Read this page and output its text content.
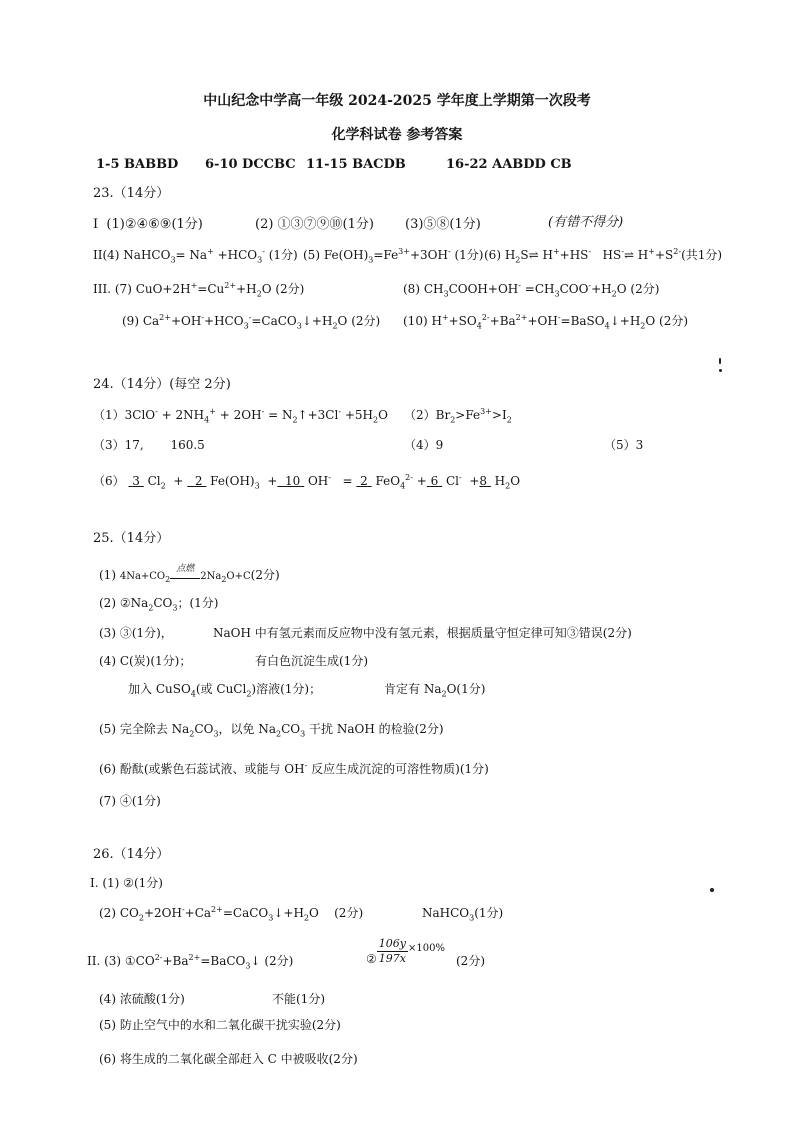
中山纪念中学高一年级 2024-2025 学年度上学期第一次段考
化学科试卷 参考答案
1-5 BABBD 6-10 DCCBC 11-15 BACDB	16-22 AABDD CB
23.（14分）
I (1)②④⑥⑨(1分)	(2) ①③⑦⑨⑩(1分) (3)⑤⑧(1分)	(有错不得分)
II(4) NaHCO$_3$= $Na^+ +HCO_3^-$ (1分) (5) $Fe(OH)_3=Fe^{3+}+3OH^-$ (1分) (6) $H_2S\rightleftharpoons$ H++HS- HS-⇌ $H^++S^{2-}$(共1分)
III. (7) $CuO+2H^+=Cu^{2+}+H_2O$ (2分)	(8) $CH_3COOH+OH^- =CH_3COO^-+H_2O$ (2分)
(9) $Ca^{2+}+OH^-+HCO_3^-=CaCO_3↓+H_2O$ (2分) (10) $H^++SO_4^{2-}+Ba^{2+}+OH^-=BaSO_4↓+H_2O$ (2分)
24.（14分）(每空 2分)
$(1)3ClO^- + 2NH_4^+ + 2OH^-$ = $N_2↑+3Cl^- +5H_2O$ $(2)Br_2>Fe^{3+}>I_2$
（3）17, 160.5	（4）9	（5）3
（6） 3  $Cl_2 + 2$  $Fe(OH)_3 + 10$  OH- = 2  FeO$_4^{2-}$ + 6  Cl- +8  $H_2O$
25.（14分）
(1) $4Na+CO_2$
点燃
$2Na_2O+C(2$分)
(2) $②Na_2CO_3$；(1分)
(3) ③(1分)，	NaOH 中有氢元素而反应物中没有氢元素，根据质量守恒定律可知③错误(2分)
(4) C(炭)(1分)；	有白色沉淀生成(1分)
加入 CuSO$_4$(或 CuCl$_2$)溶液(1分)；	肯定有 $Na_2O(1$分)
(5) 完全除去 $Na_2CO_3$，以免 $Na_2CO_3$ 干扰 NaOH 的检验(2分)
(6) 酚酞(或紫色石蕊试液、或能与 OH- 反应生成沉淀的可溶性物质)(1分)
(7) ④(1分)
26.（14分）
I. (1) ②(1分)
(2) $CO_2+2OH^-+Ca^{2+}=CaCO_3↓+H_2O$ (2分)	NaHCO$_3$(1分)
II. (3) $①CO^{2-}+Ba^{2+}=BaCO_3↓$ (2分)	② $\frac{106y}{197x} ^{\times 100\%}$
(2分)
(4) 浓硫酸(1分)	不能(1分)
(5) 防止空气中的水和二氧化碳干扰实验(2分)
(6) 将生成的二氧化碳全部赶入 C 中被吸收(2分)
